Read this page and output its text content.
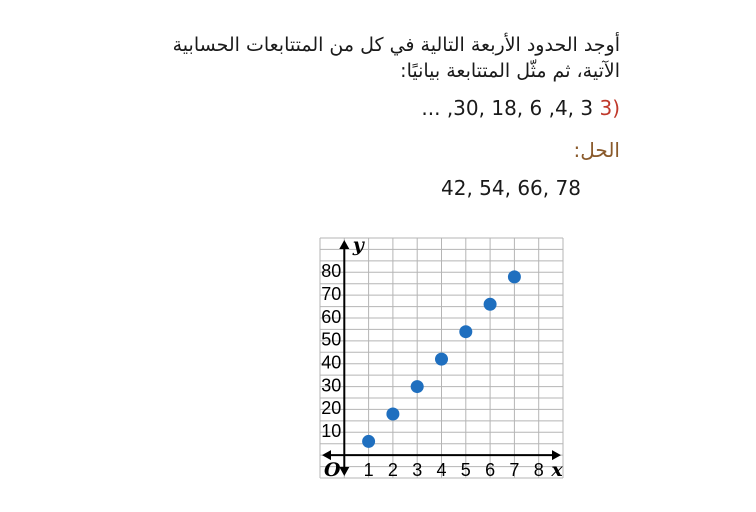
أوجد الحدود الأربعة التالية في كل من المتتابعات الحسابية
الآتية، ثم مثّل المتتابعة بيانيًا:
... ,30, 18, 6 ,4, 3 3)
الحل:
42, 54, 66, 78
1 2 3 4 5 6 7 8
10
20
30
40
50
60
70
80
x
y
O
